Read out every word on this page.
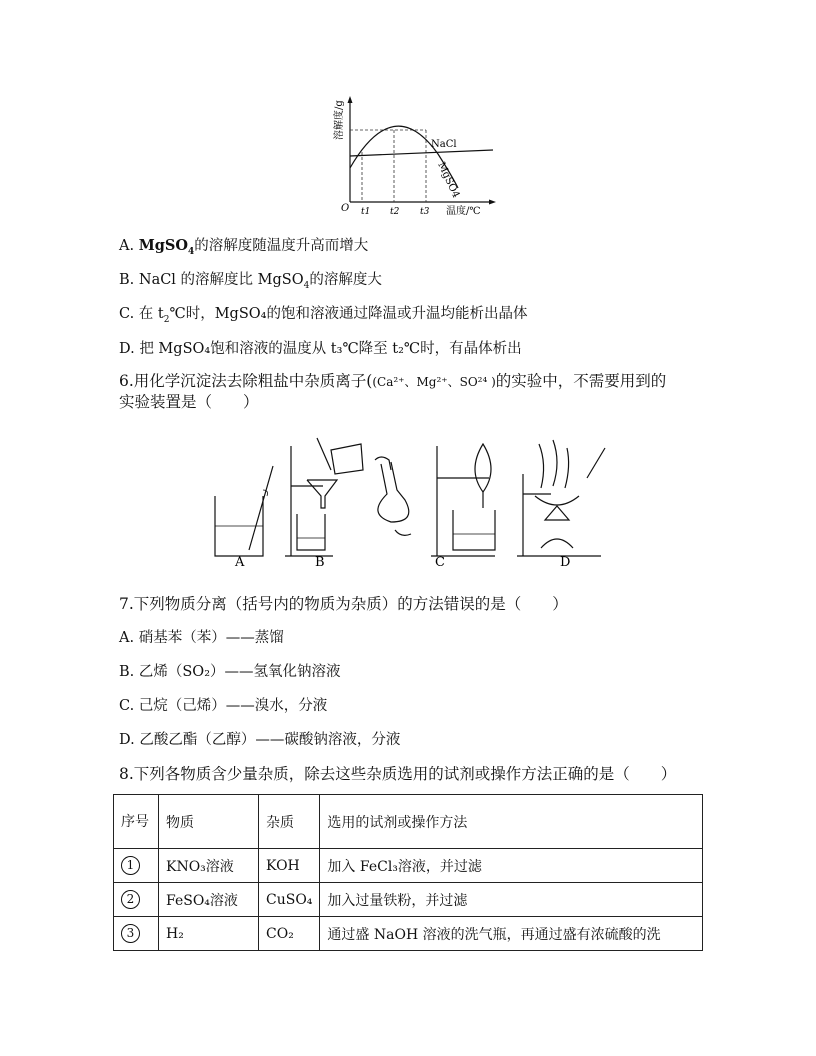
溶解度/g
O t1 t2 t3 温度/℃
NaCl
MgSO4
A. MgSO$_4$的溶解度随温度升高而增大
B. NaCl 的溶解度比 MgSO$_4$的溶解度大
C. 在 $t_2℃$时，MgSO₄的饱和溶液通过降温或升温均能析出晶体
D. 把 MgSO₄饱和溶液的温度从 t₃℃降至 t₂℃时，有晶体析出
6.用化学沉淀法去除粗盐中杂质离子((Ca²⁺、Mg²⁺、SO²⁴ )的实验中，不需要用到的
实验装置是（　　）
A	B	C	D
7.下列物质分离（括号内的物质为杂质）的方法错误的是（　　）
A. 硝基苯（苯）——蒸馏
B. 乙烯（SO₂）——氢氧化钠溶液
C. 己烷（己烯）——溴水，分液
D. 乙酸乙酯（乙醇）——碳酸钠溶液，分液
8.下列各物质含少量杂质，除去这些杂质选用的试剂或操作方法正确的是（　　）
序号	物质	杂质	选用的试剂或操作方法
1	KNO₃溶液	KOH	加入 FeCl₃溶液，并过滤
2	FeSO₄溶液	CuSO₄	加入过量铁粉，并过滤
3	H₂	CO₂	通过盛 NaOH 溶液的洗气瓶，再通过盛有浓硫酸的洗
